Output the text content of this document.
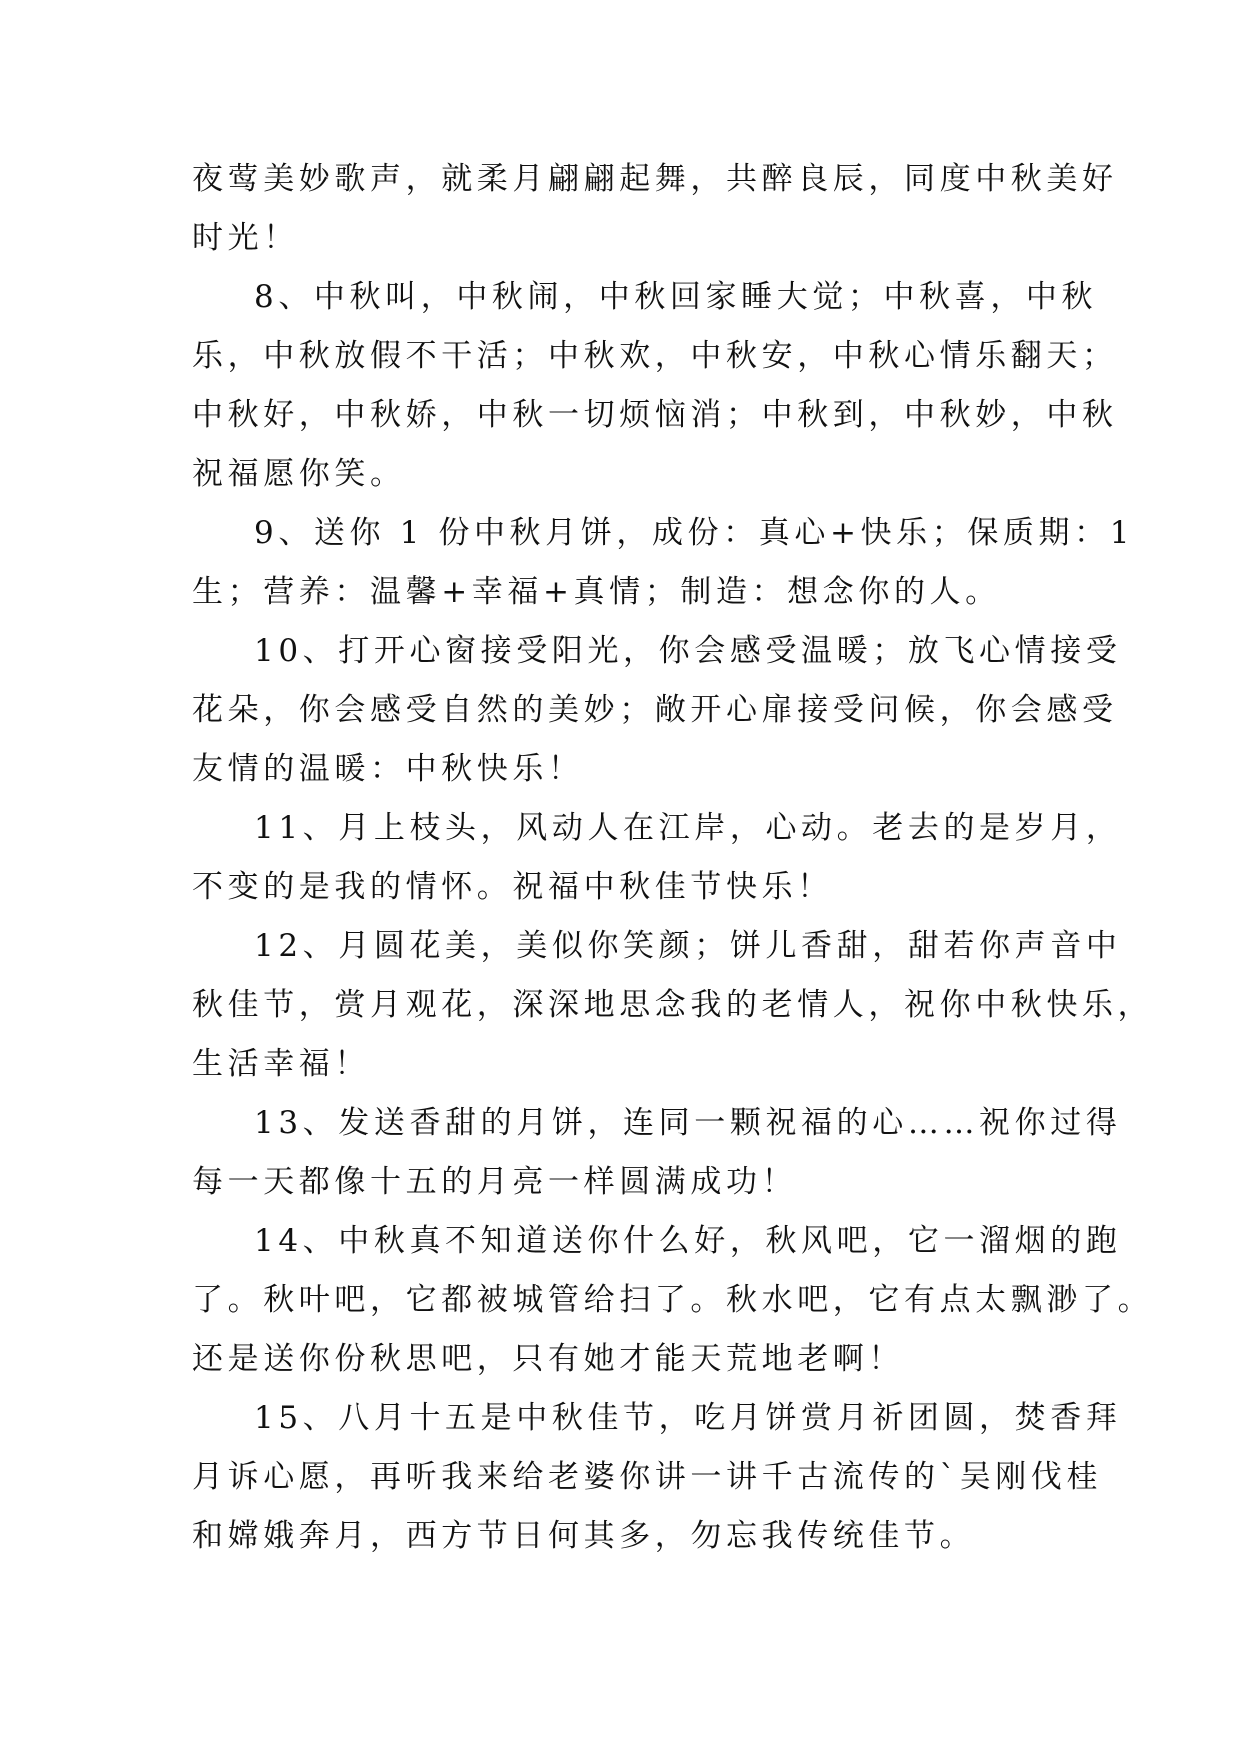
夜莺美妙歌声，就柔月翩翩起舞，共醉良辰，同度中秋美好
时光！
8、中秋叫，中秋闹，中秋回家睡大觉；中秋喜，中秋
乐，中秋放假不干活；中秋欢，中秋安，中秋心情乐翻天；
中秋好，中秋娇，中秋一切烦恼消；中秋到，中秋妙，中秋
祝福愿你笑。
9、送你 1 份中秋月饼，成份：真心+快乐；保质期：1
生；营养：温馨+幸福+真情；制造：想念你的人。
10、打开心窗接受阳光，你会感受温暖；放飞心情接受
花朵，你会感受自然的美妙；敞开心扉接受问候，你会感受
友情的温暖：中秋快乐！
11、月上枝头，风动人在江岸，心动。老去的是岁月，
不变的是我的情怀。祝福中秋佳节快乐！
12、月圆花美，美似你笑颜；饼儿香甜，甜若你声音中
秋佳节，赏月观花，深深地思念我的老情人，祝你中秋快乐，
生活幸福！
13、发送香甜的月饼，连同一颗祝福的心……祝你过得
每一天都像十五的月亮一样圆满成功！
14、中秋真不知道送你什么好，秋风吧，它一溜烟的跑
了。秋叶吧，它都被城管给扫了。秋水吧，它有点太飘渺了。
还是送你份秋思吧，只有她才能天荒地老啊！
15、八月十五是中秋佳节，吃月饼赏月祈团圆，焚香拜
月诉心愿，再听我来给老婆你讲一讲千古流传的`吴刚伐桂
和嫦娥奔月，西方节日何其多，勿忘我传统佳节。
